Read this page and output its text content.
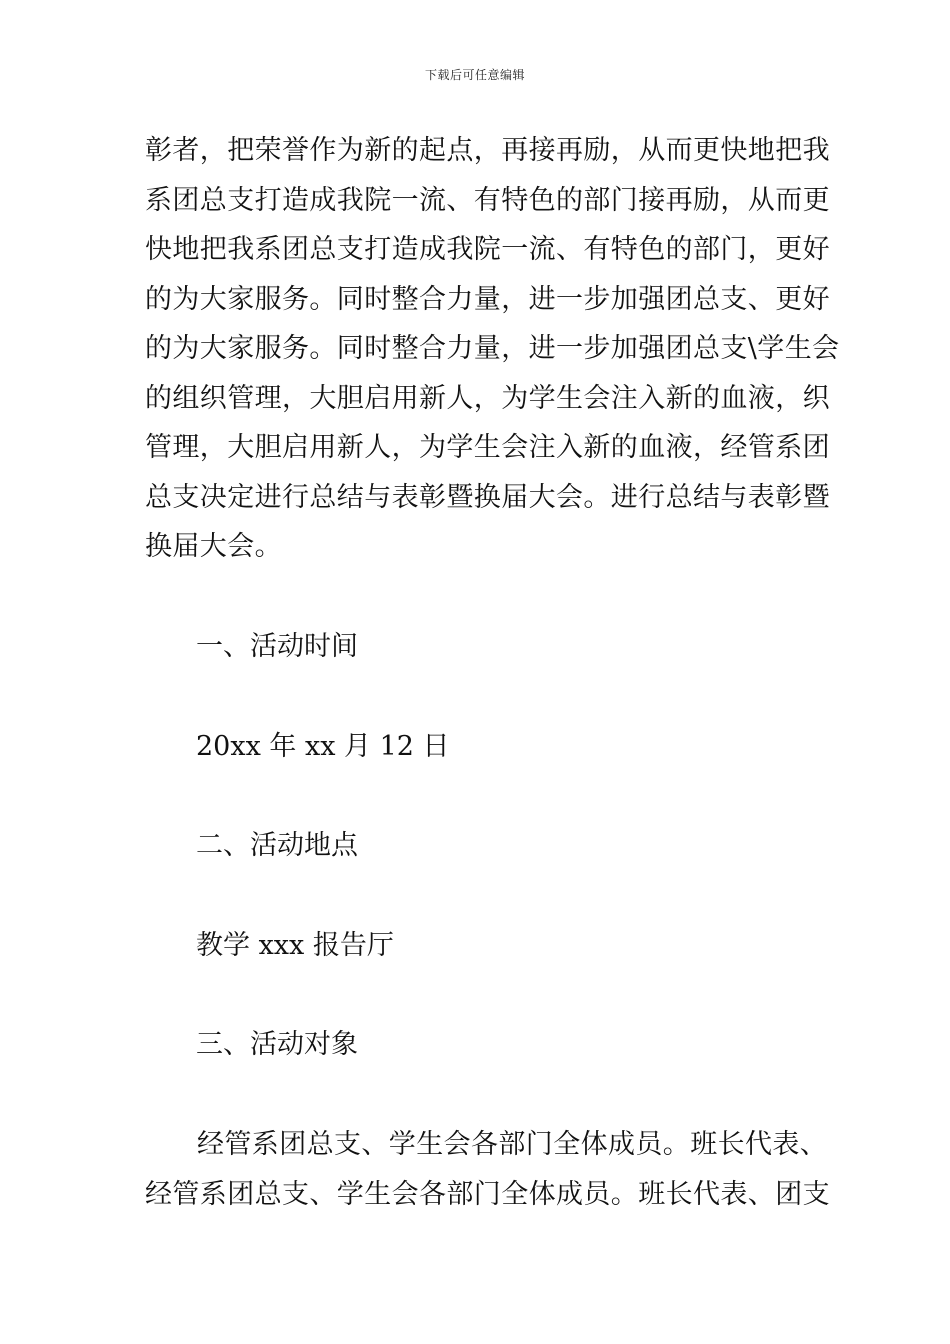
下载后可任意编辑
彰者，把荣誉作为新的起点，再接再励，从而更快地把我
系团总支打造成我院一流、有特色的部门接再励，从而更
快地把我系团总支打造成我院一流、有特色的部门，更好
的为大家服务。同时整合力量，进一步加强团总支、更好
的为大家服务。同时整合力量，进一步加强团总支\学生会
的组织管理，大胆启用新人，为学生会注入新的血液，织
管理，大胆启用新人，为学生会注入新的血液，经管系团
总支决定进行总结与表彰暨换届大会。进行总结与表彰暨
换届大会。
一、活动时间
20xx 年 xx 月 12 日
二、活动地点
教学 xxx 报告厅
三、活动对象
经管系团总支、学生会各部门全体成员。班长代表、
经管系团总支、学生会各部门全体成员。班长代表、团支
